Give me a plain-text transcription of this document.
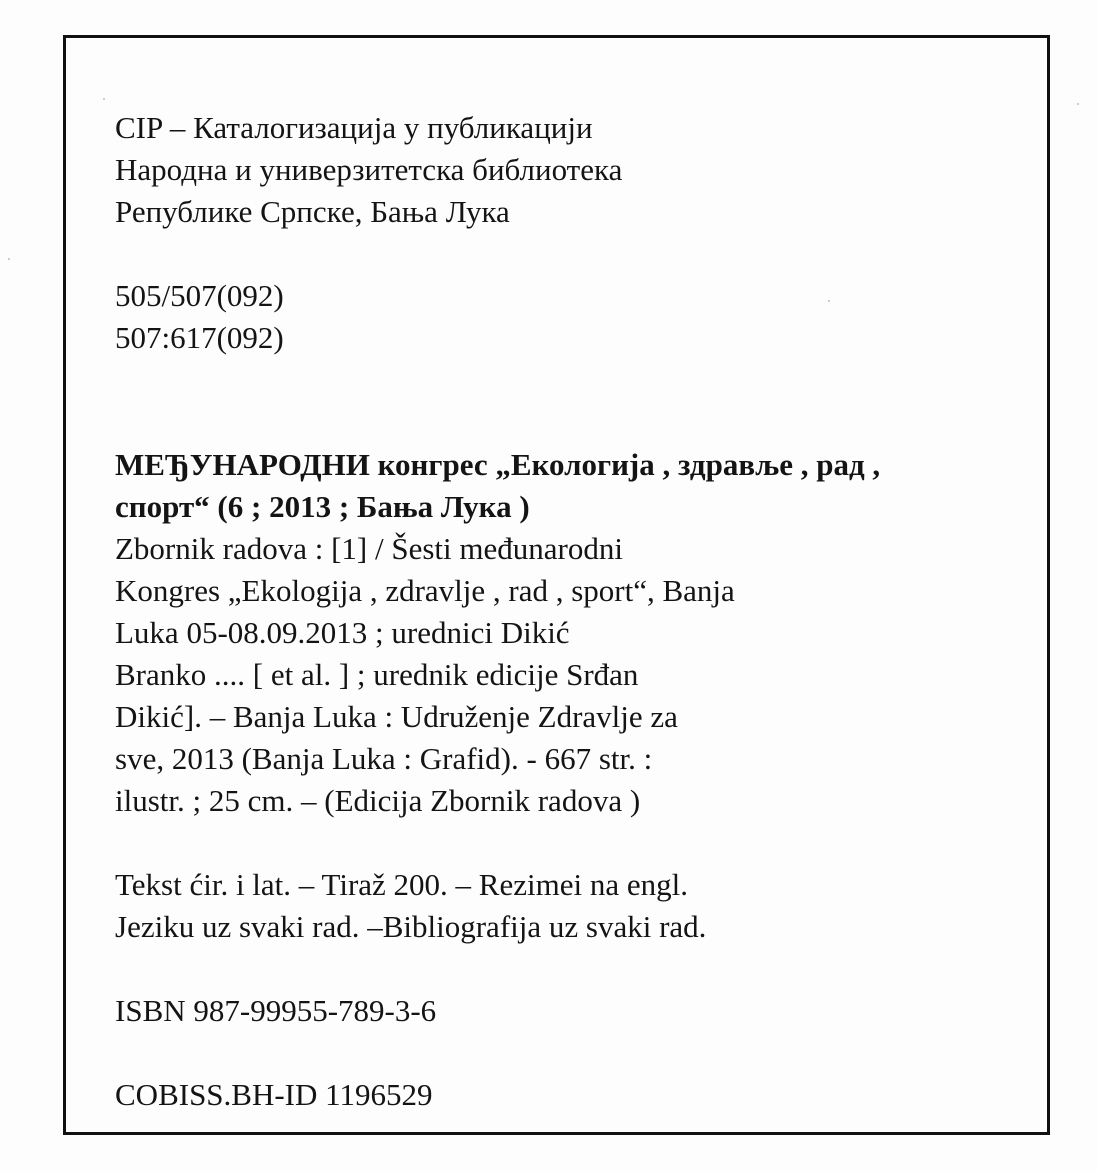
CIP – Каталогизација у публикацији
Народна и универзитетска библиотека
Републике Српске, Бања Лука
505/507(092)
507:617(092)
МЕЂУНАРОДНИ конгрес „Екологија , здравље , рад ,
спорт“ (6 ; 2013 ; Бања Лука )
Zbornik radova : [1] / Šesti međunarodni
Kongres „Ekologija , zdravlje , rad , sport“, Banja
Luka 05-08.09.2013 ; urednici Dikić
Branko .... [ et al. ] ; urednik edicije Srđan
Dikić]. – Banja Luka : Udruženje Zdravlje za
sve, 2013 (Banja Luka : Grafid). - 667 str. :
ilustr. ; 25 cm. – (Edicija Zbornik radova )
Tekst ćir. i lat. – Tiraž 200. – Rezimei na engl.
Jeziku uz svaki rad. –Bibliografija uz svaki rad.
ISBN 987-99955-789-3-6
COBISS.BH-ID 1196529
